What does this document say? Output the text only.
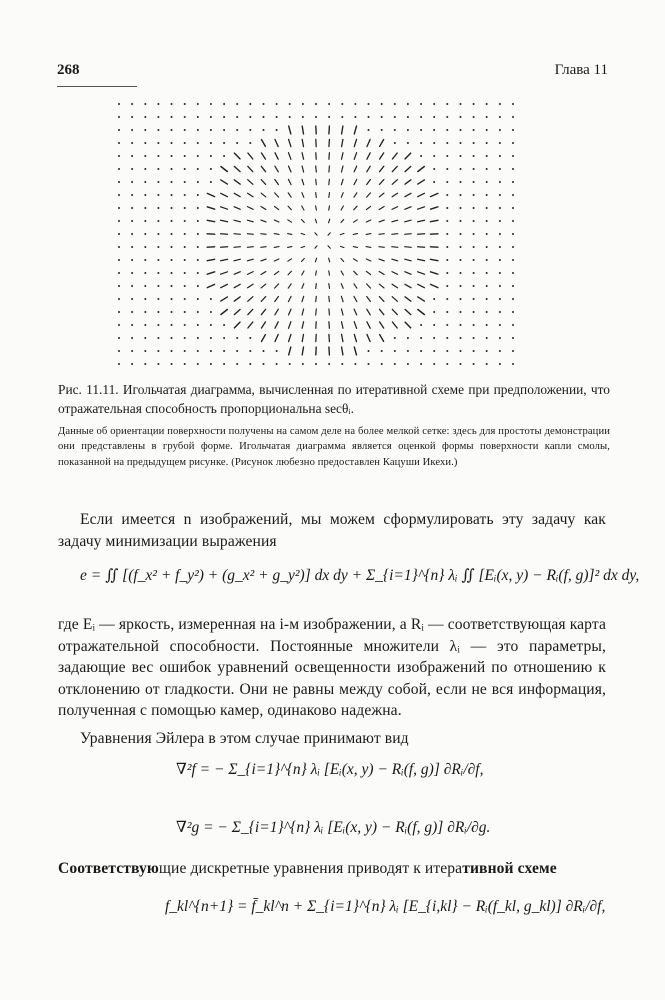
268	Глава 11
Рис. 11.11. Игольчатая диаграмма, вычисленная по итеративной схеме при предположении, что отражательная способность пропорциональна secθᵢ.
Данные об ориентации поверхности получены на самом деле на более мелкой сетке: здесь для простоты демонстрации они представлены в грубой форме. Игольчатая диаграмма является оценкой формы поверхности капли смолы, показанной на предыдущем рисунке. (Рисунок любезно предоставлен Кацуши Икехи.)
Если имеется n изображений, мы можем сформулировать эту задачу как задачу минимизации выражения
e = ∬ [(f_x² + f_y²) + (g_x² + g_y²)] dx dy + Σ_{i=1}^{n} λᵢ ∬ [Eᵢ(x, y) − Rᵢ(f, g)]² dx dy,
где Eᵢ — яркость, измеренная на i-м изображении, а Rᵢ — соответствующая карта отражательной способности. Постоянные множители λᵢ — это параметры, задающие вес ошибок уравнений освещенности изображений по отношению к отклонению от гладкости. Они не равны между собой, если не вся информация, полученная с помощью камер, одинаково надежна.
Уравнения Эйлера в этом случае принимают вид
∇²f = − Σ_{i=1}^{n} λᵢ [Eᵢ(x, y) − Rᵢ(f, g)] ∂Rᵢ/∂f,
∇²g = − Σ_{i=1}^{n} λᵢ [Eᵢ(x, y) − Rᵢ(f, g)] ∂Rᵢ/∂g.
Соответствующие дискретные уравнения приводят к итеративной схеме
f_kl^{n+1} = f̄_kl^n + Σ_{i=1}^{n} λᵢ [E_{i,kl} − Rᵢ(f_kl, g_kl)] ∂Rᵢ/∂f,
